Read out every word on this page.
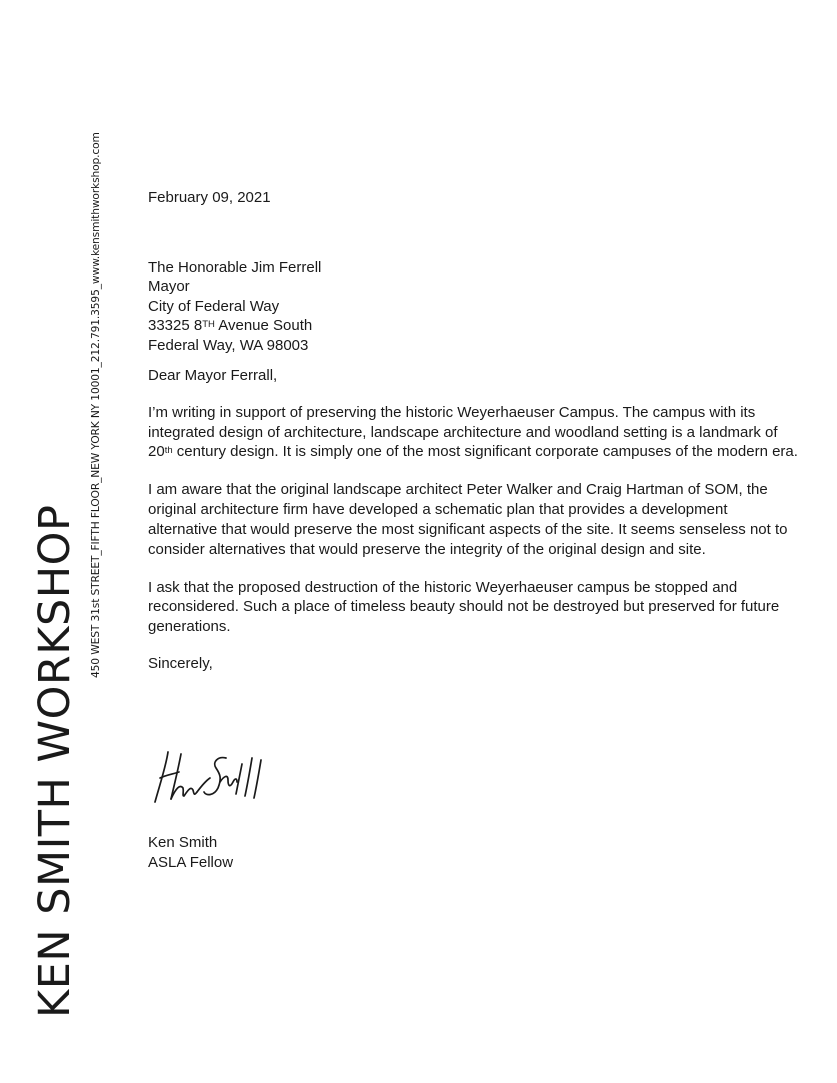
KEN SMITH WORKSHOP
450 WEST 31st STREET_FIFTH FLOOR_NEW YORK NY 10001_212.791.3595_www.kensmithworkshop.com	February 09, 2021
The Honorable Jim Ferrell
Mayor
City of Federal Way
33325 8TH Avenue South
Federal Way, WA 98003
Dear Mayor Ferrall,
I’m writing in support of preserving the historic Weyerhaeuser Campus. The campus with its integrated design of architecture, landscape architecture and woodland setting is a landmark of 20th century design. It is simply one of the most significant corporate campuses of the modern era.
I am aware that the original landscape architect Peter Walker and Craig Hartman of SOM, the original architecture firm have developed a schematic plan that provides a development alternative that would preserve the most significant aspects of the site. It seems senseless not to consider alternatives that would preserve the integrity of the original design and site.
I ask that the proposed destruction of the historic Weyerhaeuser campus be stopped and reconsidered. Such a place of timeless beauty should not be destroyed but preserved for future generations.
Sincerely,
Ken Smith
ASLA Fellow
